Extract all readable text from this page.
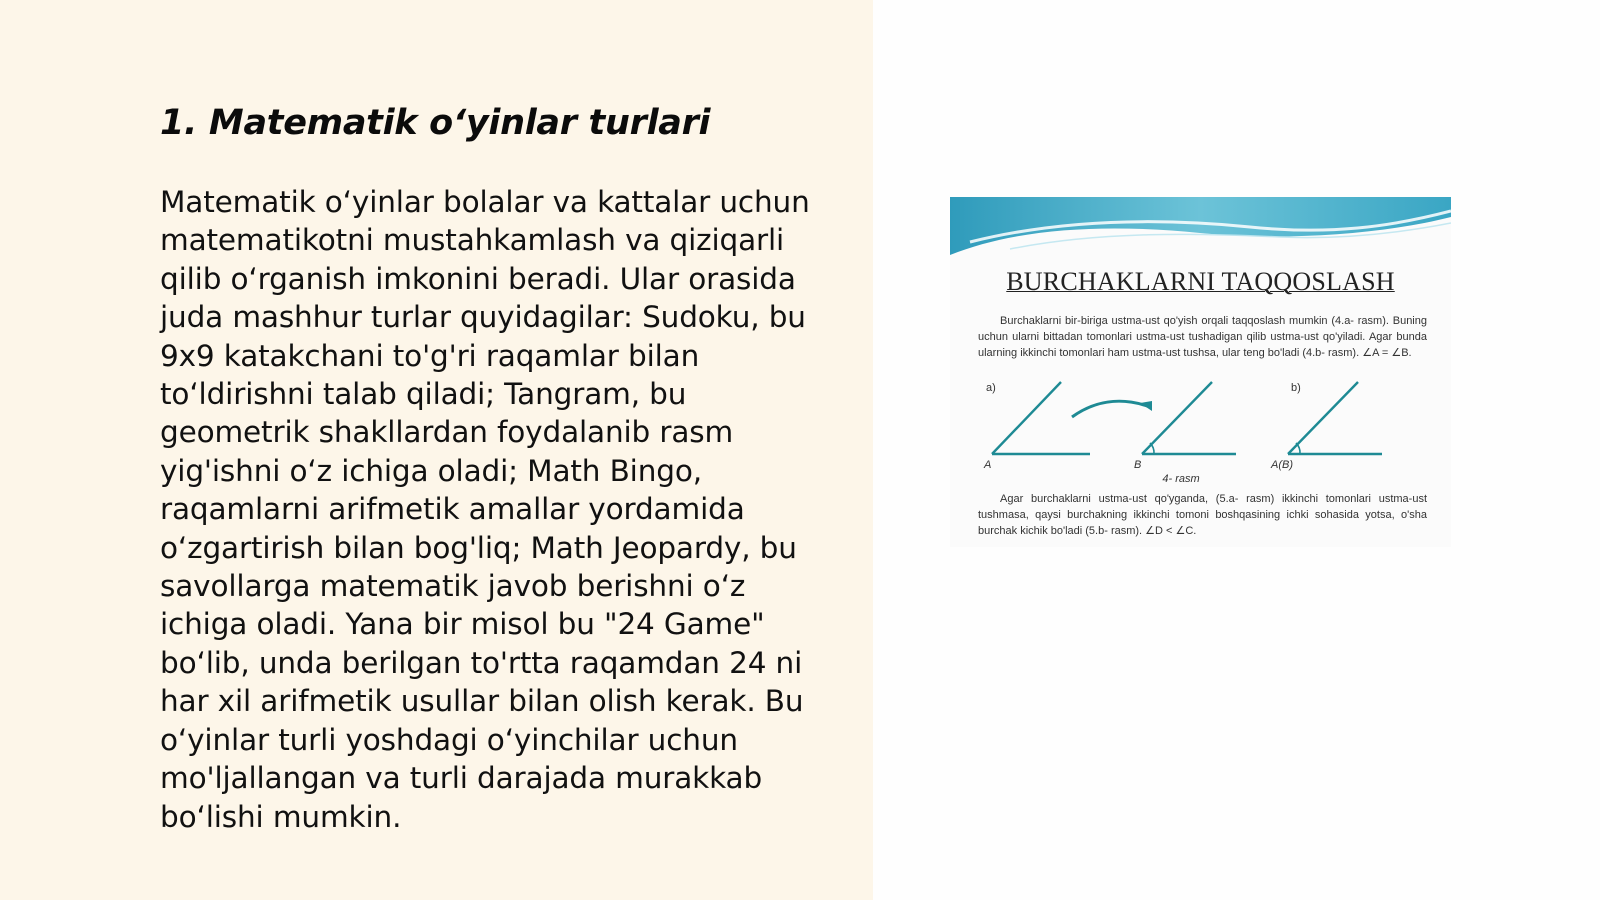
1. Matematik o‘yinlar turlari

Matematik o‘yinlar bolalar va kattalar uchun matematikotni mustahkamlash va qiziqarli qilib o‘rganish imkonini beradi. Ular orasida juda mashhur turlar quyidagilar: Sudoku, bu 9x9 katakchani to'g'ri raqamlar bilan to‘ldirishni talab qiladi; Tangram, bu geometrik shakllardan foydalanib rasm yig'ishni o‘z ichiga oladi; Math Bingo, raqamlarni arifmetik amallar yordamida o‘zgartirish bilan bog'liq; Math Jeopardy, bu savollarga matematik javob berishni o‘z ichiga oladi. Yana bir misol bu "24 Game" bo‘lib, unda berilgan to'rtta raqamdan 24 ni har xil arifmetik usullar bilan olish kerak. Bu o‘yinlar turli yoshdagi o‘yinchilar uchun mo'ljallangan va turli darajada murakkab bo‘lishi mumkin.

BURCHAKLARNI TAQQOSLASH

Burchaklarni bir-biriga ustma-ust qo'yish orqali taqqoslash mumkin (4.a- rasm). Buning uchun ularni bittadan tomonlari ustma-ust tushadigan qilib ustma-ust qo'yiladi. Agar bunda ularning ikkinchi tomonlari ham ustma-ust tushsa, ular teng bo'ladi (4.b- rasm). ∠A = ∠B.

a)	b)
A	B	A(B)
4- rasm

Agar burchaklarni ustma-ust qo'yganda, (5.a- rasm) ikkinchi tomonlari ustma-ust tushmasa, qaysi burchakning ikkinchi tomoni boshqasining ichki sohasida yotsa, o'sha burchak kichik bo'ladi (5.b- rasm). ∠D < ∠C.
